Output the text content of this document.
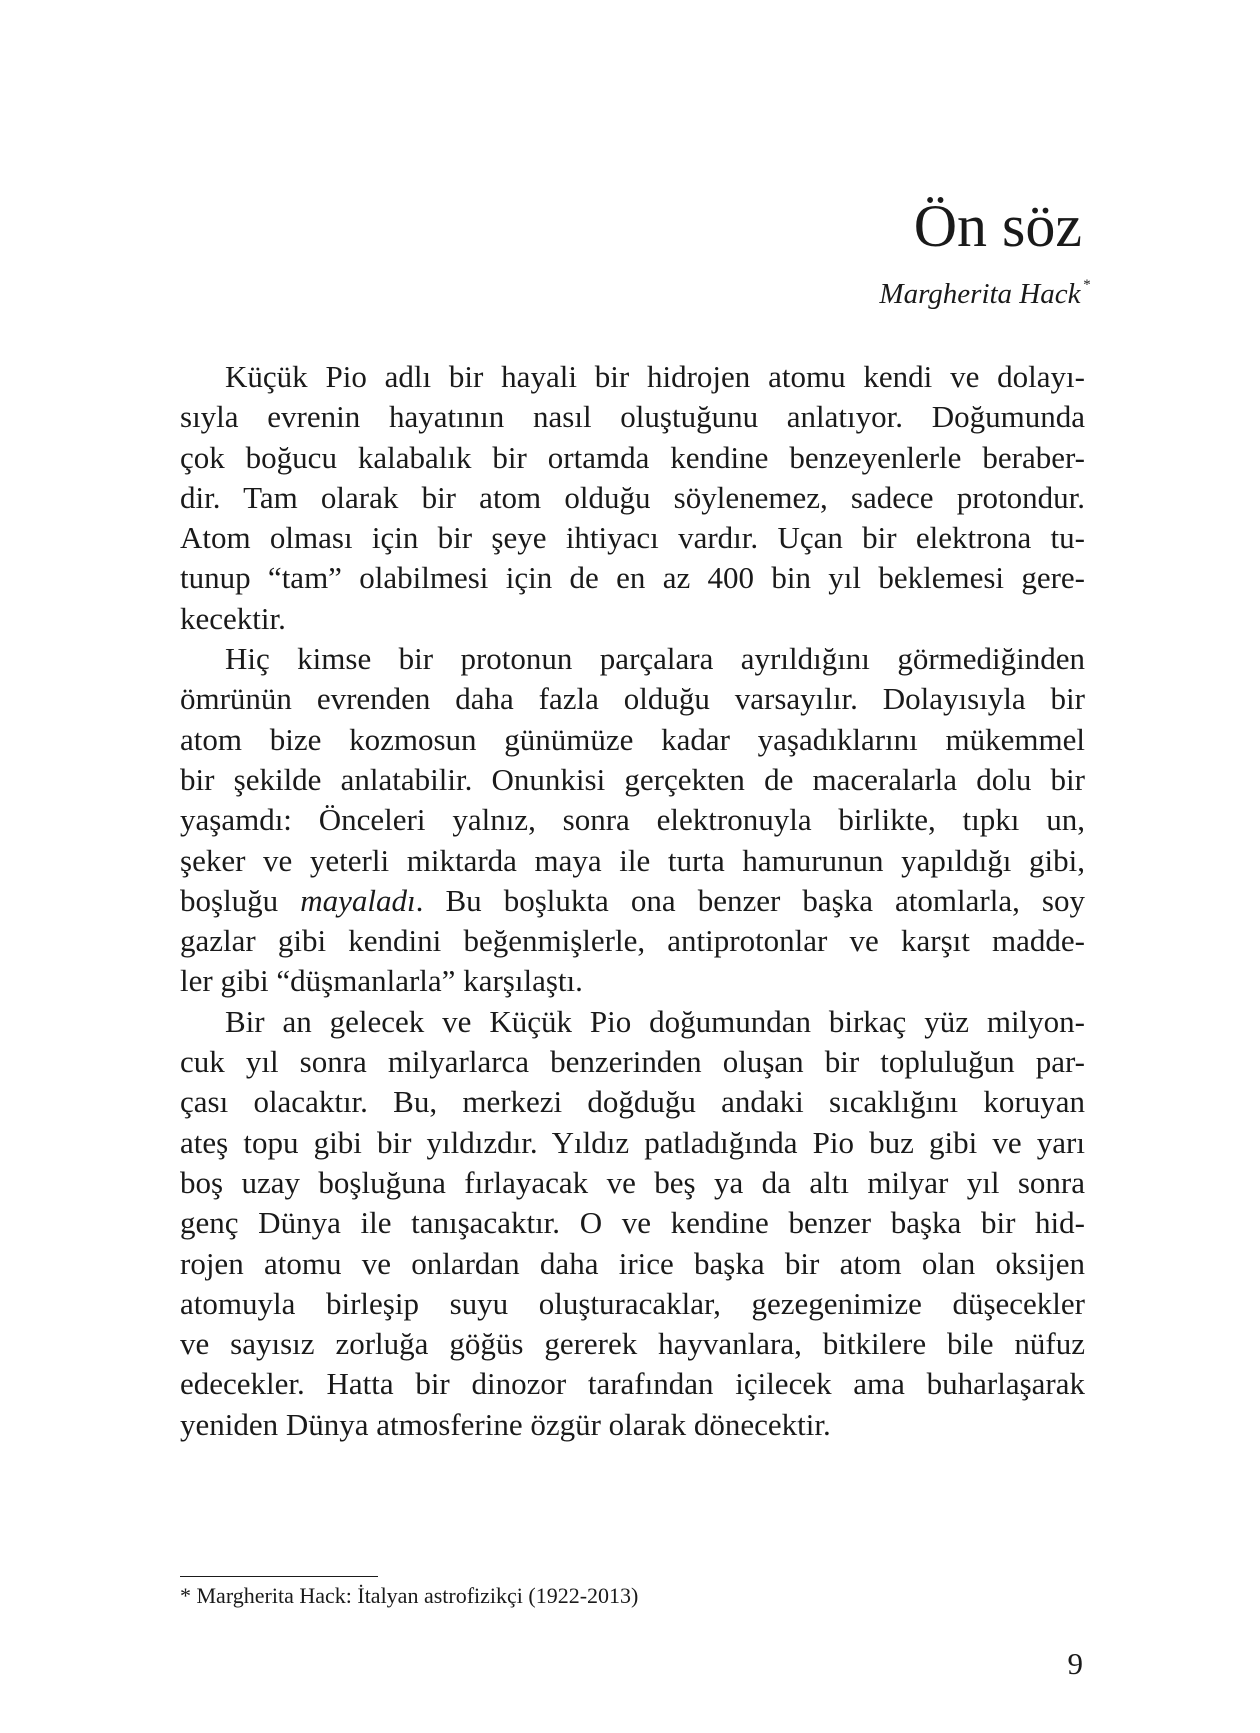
Ön söz
Margherita Hack *

Küçük Pio adlı bir hayali bir hidrojen atomu kendi ve dolayı-
sıyla evrenin hayatının nasıl oluştuğunu anlatıyor. Doğumunda
çok boğucu kalabalık bir ortamda kendine benzeyenlerle beraber-
dir. Tam olarak bir atom olduğu söylenemez, sadece protondur.
Atom olması için bir şeye ihtiyacı vardır. Uçan bir elektrona tu-
tunup “tam” olabilmesi için de en az 400 bin yıl beklemesi gere-
kecektir.

Hiç kimse bir protonun parçalara ayrıldığını görmediğinden
ömrünün evrenden daha fazla olduğu varsayılır. Dolayısıyla bir
atom bize kozmosun günümüze kadar yaşadıklarını mükemmel
bir şekilde anlatabilir. Onunkisi gerçekten de maceralarla dolu bir
yaşamdı: Önceleri yalnız, sonra elektronuyla birlikte, tıpkı un,
şeker ve yeterli miktarda maya ile turta hamurunun yapıldığı gibi,
boşluğu mayaladı. Bu boşlukta ona benzer başka atomlarla, soy
gazlar gibi kendini beğenmişlerle, antiprotonlar ve karşıt madde-
ler gibi “düşmanlarla” karşılaştı.

Bir an gelecek ve Küçük Pio doğumundan birkaç yüz milyon-
cuk yıl sonra milyarlarca benzerinden oluşan bir topluluğun par-
çası olacaktır. Bu, merkezi doğduğu andaki sıcaklığını koruyan
ateş topu gibi bir yıldızdır. Yıldız patladığında Pio buz gibi ve yarı
boş uzay boşluğuna fırlayacak ve beş ya da altı milyar yıl sonra
genç Dünya ile tanışacaktır. O ve kendine benzer başka bir hid-
rojen atomu ve onlardan daha irice başka bir atom olan oksijen
atomuyla birleşip suyu oluşturacaklar, gezegenimize düşecekler
ve sayısız zorluğa göğüs gererek hayvanlara, bitkilere bile nüfuz
edecekler. Hatta bir dinozor tarafından içilecek ama buharlaşarak
yeniden Dünya atmosferine özgür olarak dönecektir.

* Margherita Hack: İtalyan astrofizikçi (1922-2013)
9
